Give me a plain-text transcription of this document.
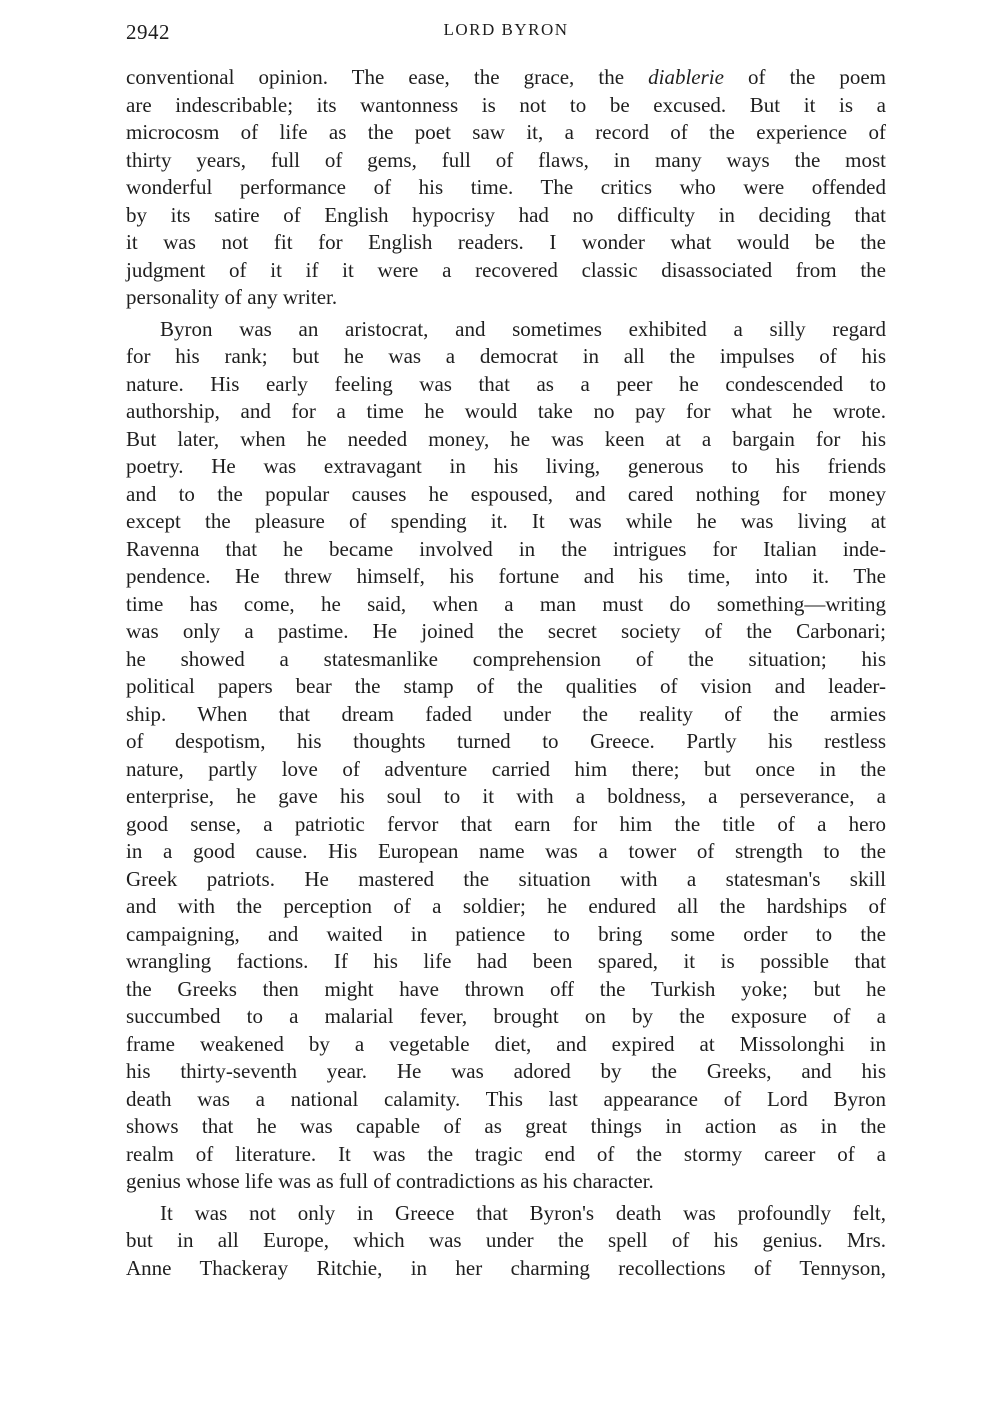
2942	LORD BYRON
conventional opinion. The ease, the grace, the diablerie of the poem
are indescribable; its wantonness is not to be excused. But it is a
microcosm of life as the poet saw it, a record of the experience of
thirty years, full of gems, full of flaws, in many ways the most
wonderful performance of his time. The critics who were offended
by its satire of English hypocrisy had no difficulty in deciding that
it was not fit for English readers. I wonder what would be the
judgment of it if it were a recovered classic disassociated from the
personality of any writer.
Byron was an aristocrat, and sometimes exhibited a silly regard
for his rank; but he was a democrat in all the impulses of his
nature. His early feeling was that as a peer he condescended to
authorship, and for a time he would take no pay for what he wrote.
But later, when he needed money, he was keen at a bargain for his
poetry. He was extravagant in his living, generous to his friends
and to the popular causes he espoused, and cared nothing for money
except the pleasure of spending it. It was while he was living at
Ravenna that he became involved in the intrigues for Italian inde-
pendence. He threw himself, his fortune and his time, into it. The
time has come, he said, when a man must do something—writing
was only a pastime. He joined the secret society of the Carbonari;
he showed a statesmanlike comprehension of the situation; his
political papers bear the stamp of the qualities of vision and leader-
ship. When that dream faded under the reality of the armies
of despotism, his thoughts turned to Greece. Partly his restless
nature, partly love of adventure carried him there; but once in the
enterprise, he gave his soul to it with a boldness, a perseverance, a
good sense, a patriotic fervor that earn for him the title of a hero
in a good cause. His European name was a tower of strength to the
Greek patriots. He mastered the situation with a statesman's skill
and with the perception of a soldier; he endured all the hardships of
campaigning, and waited in patience to bring some order to the
wrangling factions. If his life had been spared, it is possible that
the Greeks then might have thrown off the Turkish yoke; but he
succumbed to a malarial fever, brought on by the exposure of a
frame weakened by a vegetable diet, and expired at Missolonghi in
his thirty-seventh year. He was adored by the Greeks, and his
death was a national calamity. This last appearance of Lord Byron
shows that he was capable of as great things in action as in the
realm of literature. It was the tragic end of the stormy career of a
genius whose life was as full of contradictions as his character.
It was not only in Greece that Byron's death was profoundly felt,
but in all Europe, which was under the spell of his genius. Mrs.
Anne Thackeray Ritchie, in her charming recollections of Tennyson,
